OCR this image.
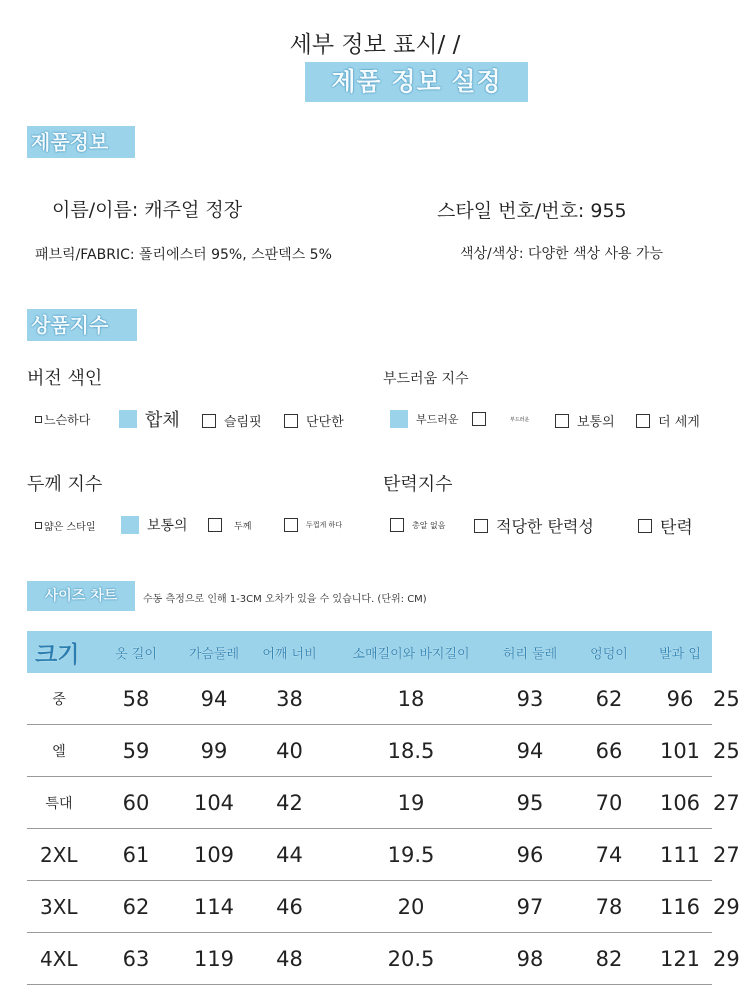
세부 정보 표시/ /
제품 정보 설정
제품정보
이름/이름: 캐주얼 정장	스타일 번호/번호: 955
패브릭/FABRIC: 폴리에스터 95%, 스판덱스 5%	색상/색상: 다양한 색상 사용 가능
상품지수
버전 색인
느슨하다	합체	슬림핏	단단한
부드러움 지수
부드러운	부드러운	보통의	더 세게
두께 지수
얇은 스타일	보통의	두께	두껍게 하다
탄력지수
총알 없음	적당한 탄력성	탄력
사이즈 차트	수동 측정으로 인해 1-3CM 오차가 있을 수 있습니다. (단위: CM)
크기	옷 길이	가슴둘레	어깨 너비	소매길이와 바지길이	허리 둘레	엉덩이	발과 입	
중	58	94	38	18	93	62	96	25
엘	59	99	40	18.5	94	66	101	25
특대	60	104	42	19	95	70	106	27
2XL	61	109	44	19.5	96	74	111	27
3XL	62	114	46	20	97	78	116	29
4XL	63	119	48	20.5	98	82	121	29
